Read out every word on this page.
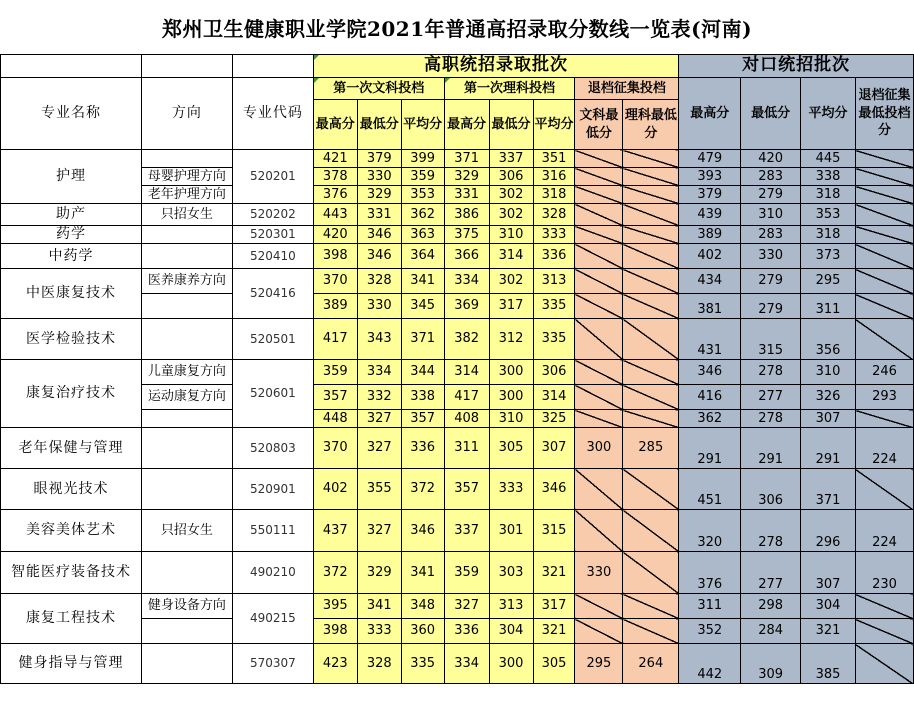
郑州卫生健康职业学院2021年普通高招录取分数线一览表(河南)
			高职统招录取批次								对口统招批次			
专业名称	方向	专业代码	第一次文科投档			第一次理科投档			退档征集投档		最高分	最低分	平均分	退档征集最低投档分
			最高分	最低分	平均分	最高分	最低分	平均分	文科最低分	理科最低分				
护理		520201	421	379	399	371	337	351			479	420	445	
	母婴护理方向		378	330	359	329	306	316			393	283	338	
	老年护理方向		376	329	353	331	302	318			379	279	318	
助产	只招女生	520202	443	331	362	386	302	328			439	310	353	
药学		520301	420	346	363	375	310	333			389	283	318	
中药学		520410	398	346	364	366	314	336			402	330	373	
中医康复技术	医养康养方向	520416	370	328	341	334	302	313			434	279	295	
			389	330	345	369	317	335			381	279	311	
医学检验技术		520501	417	343	371	382	312	335			431	315	356	
康复治疗技术	儿童康复方向	520601	359	334	344	314	300	306			346	278	310	246
	运动康复方向		357	332	338	417	300	314			416	277	326	293
			448	327	357	408	310	325			362	278	307	
老年保健与管理		520803	370	327	336	311	305	307	300	285	291	291	291	224
眼视光技术		520901	402	355	372	357	333	346			451	306	371	
美容美体艺术	只招女生	550111	437	327	346	337	301	315			320	278	296	224
智能医疗装备技术		490210	372	329	341	359	303	321	330		376	277	307	230
康复工程技术	健身设备方向	490215	395	341	348	327	313	317			311	298	304	
			398	333	360	336	304	321			352	284	321	
健身指导与管理		570307	423	328	335	334	300	305	295	264	442	309	385	
